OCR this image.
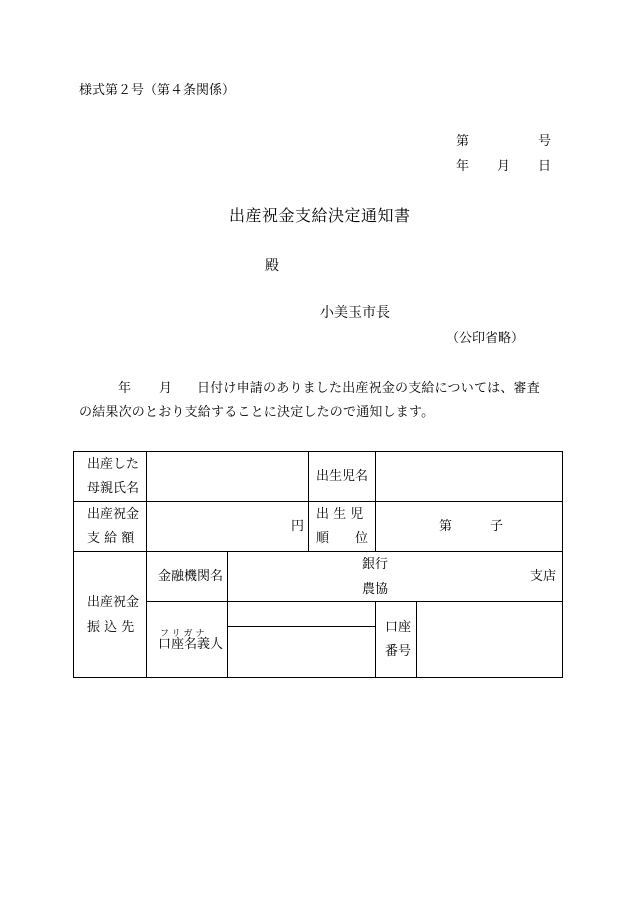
様式第２号（第４条関係）
第	号
年 月 日
出産祝金支給決定通知書
殿
小美玉市長
（公印省略）
年 月 日付け申請のありました出産祝金の支給については、審査
の結果次のとおり支給することに決定したので通知します。
出産した
母親氏名
出生児名
出産祝金
支 給 額
円
出 生 児
順　　位
第	子
出産祝金
振 込 先
金融機関名
銀行
農協
支店
フリガナ
口座名義人
口座
番号
